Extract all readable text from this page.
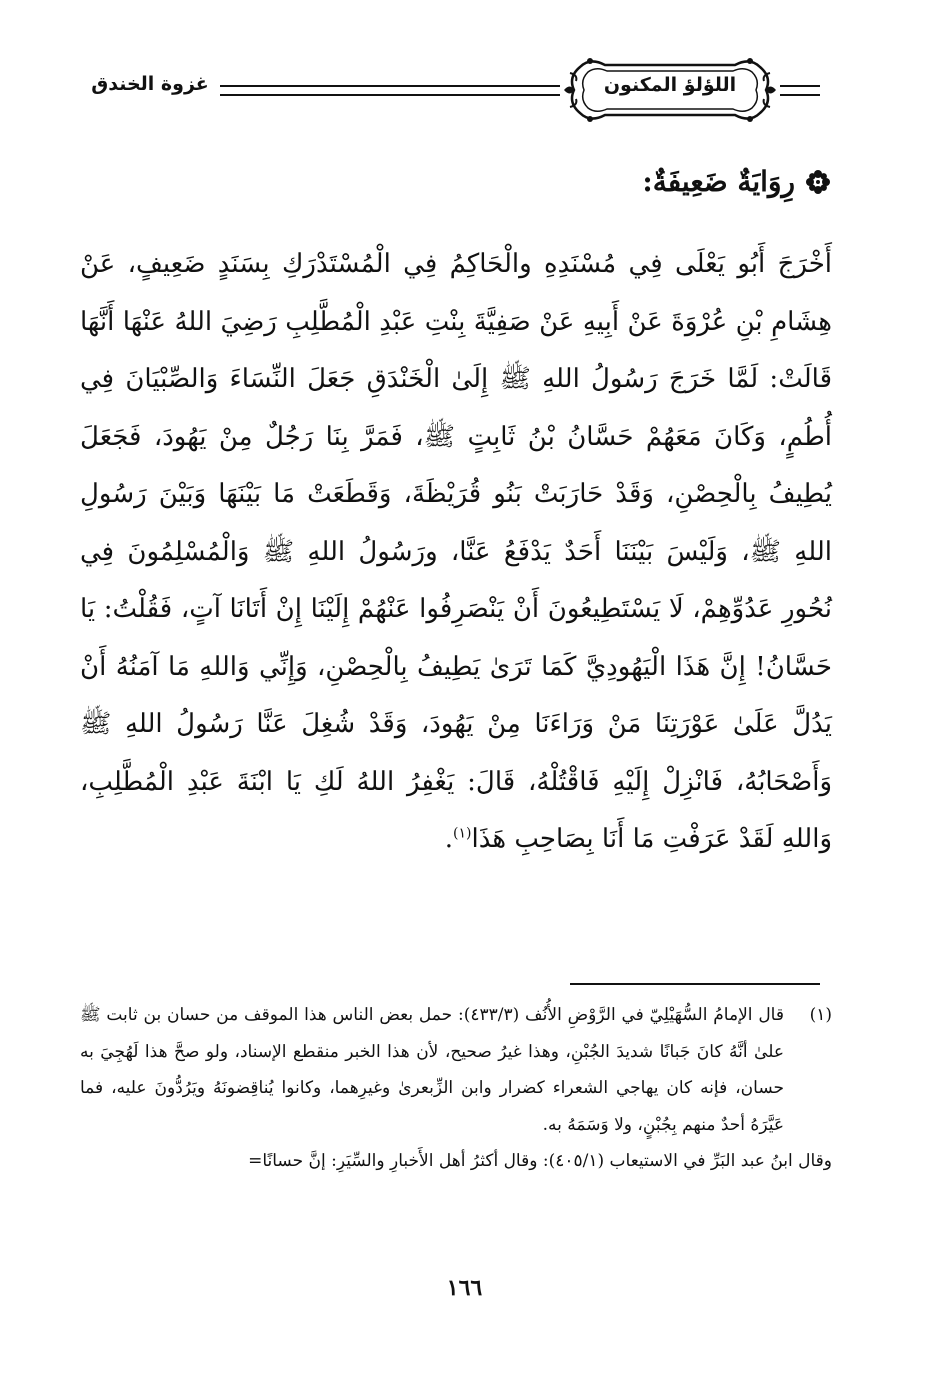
غزوة الخندق	اللؤلؤ المكنون
رِوَايَةٌ ضَعِيفَةٌ:
أَخْرَجَ أَبُو يَعْلَى فِي مُسْنَدِهِ والْحَاكِمُ فِي الْمُسْتَدْرَكِ بِسَنَدٍ ضَعِيفٍ، عَنْ هِشَامِ بْنِ عُرْوَةَ عَنْ أَبِيهِ عَنْ صَفِيَّةَ بِنْتِ عَبْدِ الْمُطَّلِبِ رَضِيَ اللهُ عَنْهَا أَنَّهَا قَالَتْ: لَمَّا خَرَجَ رَسُولُ اللهِ ﷺ إِلَىٰ الْخَنْدَقِ جَعَلَ النِّسَاءَ وَالصِّبْيَانَ فِي أُطُمٍ، وَكَانَ مَعَهُمْ حَسَّانُ بْنُ ثَابِتٍ ﷺ، فَمَرَّ بِنَا رَجُلٌ مِنْ يَهُودَ، فَجَعَلَ يُطِيفُ بِالْحِصْنِ، وَقَدْ حَارَبَتْ بَنُو قُرَيْظَةَ، وَقَطَعَتْ مَا بَيْنَهَا وَبَيْنَ رَسُولِ اللهِ ﷺ، وَلَيْسَ بَيْنَنَا أَحَدٌ يَدْفَعُ عَنَّا، ورَسُولُ اللهِ ﷺ وَالْمُسْلِمُونَ فِي نُحُورِ عَدُوِّهِمْ، لَا يَسْتَطِيعُونَ أَنْ يَنْصَرِفُوا عَنْهُمْ إِلَيْنَا إِنْ أَتَانَا آتٍ، فَقُلْتُ: يَا حَسَّانُ! إِنَّ هَذَا الْيَهُودِيَّ كَمَا تَرَىٰ يَطِيفُ بِالْحِصْنِ، وَإِنِّي وَاللهِ مَا آمَنُهُ أَنْ يَدُلَّ عَلَىٰ عَوْرَتِنَا مَنْ وَرَاءَنَا مِنْ يَهُودَ، وَقَدْ شُغِلَ عَنَّا رَسُولُ اللهِ ﷺ وَأَصْحَابُهُ، فَانْزِلْ إِلَيْهِ فَاقْتُلْهُ، قَالَ: يَغْفِرُ اللهُ لَكِ يَا ابْنَةَ عَبْدِ الْمُطَّلِبِ، وَاللهِ لَقَدْ عَرَفْتِ مَا أَنَا بِصَاحِبِ هَذَا$^{(١)}$.
(١)
قال الإمامُ السُّهَيْلِيّ في الرَّوْضِ الأُنُف (٤٣٣/٣): حمل بعض الناس هذا الموقف من حسان بن ثابت ﷺ علىٰ أنَّهُ كانَ جَبانًا شديدَ الجُبْنِ، وهذا غيرُ صحيح، لأن هذا الخبر منقطع الإسناد، ولو صحَّ هذا لَهُجِيَ به حسان، فإنه كان يهاجي الشعراء كضرار وابن الزِّبعرىٰ وغيرِهما، وكانوا يُناقِضونَهُ ويَرُدُّونَ عليه، فما عَيَّرَهُ أحدٌ منهم بِجُبْنٍ، ولا وَسَمَهُ به.
وقال ابنُ عبد البَرِّ في الاستيعاب (٤٠٥/١): وقال أكثرُ أهل الأَخبارِ والسِّيَرِ: إنَّ حسانًا=
١٦٦
